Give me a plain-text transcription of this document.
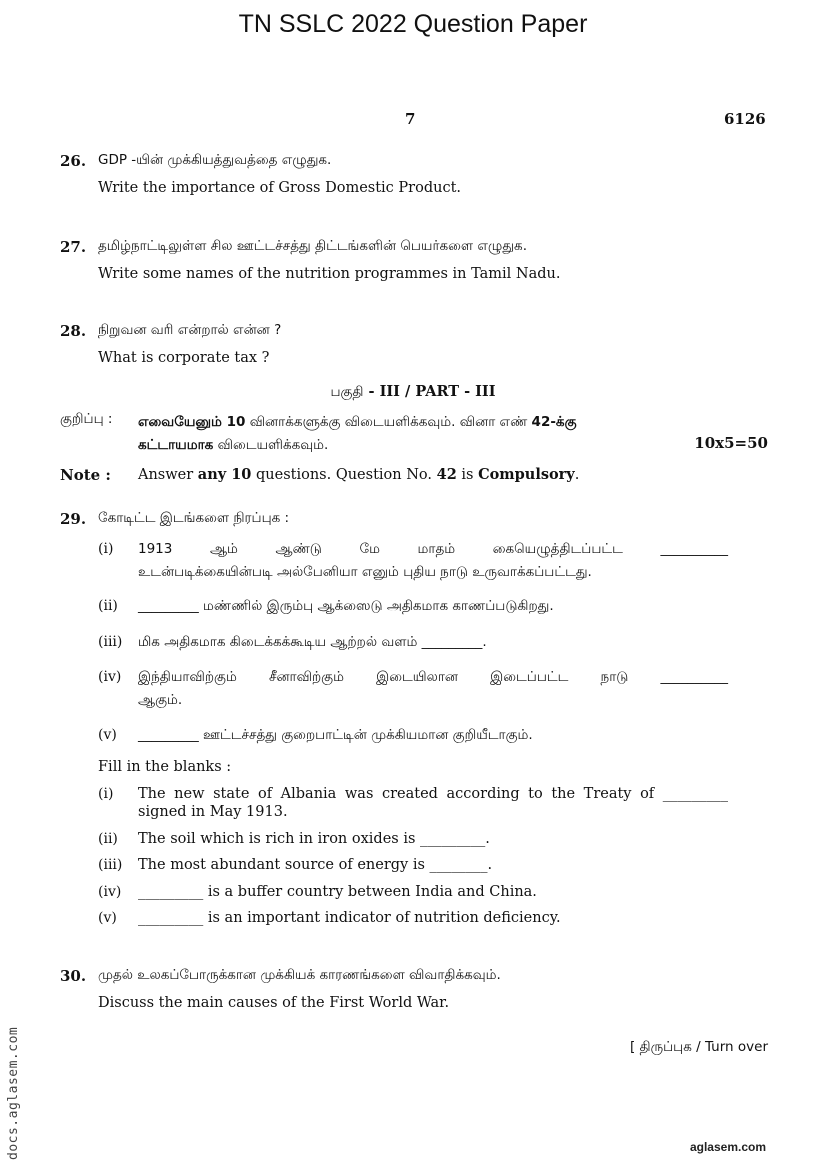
TN SSLC 2022 Question Paper
7	6126
26. GDP -யின் முக்கியத்துவத்தை எழுதுக.
Write the importance of Gross Domestic Product.
27. தமிழ்நாட்டிலுள்ள சில ஊட்டச்சத்து திட்டங்களின் பெயர்களை எழுதுக.
Write some names of the nutrition programmes in Tamil Nadu.
28. நிறுவன வரி என்றால் என்ன ?
What is corporate tax ?
பகுதி - III / PART - III
குறிப்பு : எவையேனும் 10 வினாக்களுக்கு விடையளிக்கவும். வினா எண் 42-க்கு
கட்டாயமாக விடையளிக்கவும்.	10x5=50
Note : Answer any 10 questions. Question No. 42 is Compulsory.
29. கோடிட்ட இடங்களை நிரப்புக :
(i) 1913 ஆம் ஆண்டு மே மாதம் கையெழுத்திடப்பட்ட __________
உடன்படிக்கையின்படி அல்பேனியா எனும் புதிய நாடு உருவாக்கப்பட்டது.
(ii) _________ மண்ணில் இரும்பு ஆக்ஸைடு அதிகமாக காணப்படுகிறது.
(iii) மிக அதிகமாக கிடைக்கக்கூடிய ஆற்றல் வளம் _________.
(iv) இந்தியாவிற்கும் சீனாவிற்கும் இடையிலான இடைப்பட்ட நாடு __________
ஆகும்.
(v) _________ ஊட்டச்சத்து குறைபாட்டின் முக்கியமான குறியீடாகும்.
Fill in the blanks :
(i) The new state of Albania was created according to the Treaty of _________
signed in May 1913.
(ii) The soil which is rich in iron oxides is _________.
(iii) The most abundant source of energy is ________.
(iv) _________ is a buffer country between India and China.
(v) _________ is an important indicator of nutrition deficiency.
30. முதல் உலகப்போருக்கான முக்கியக் காரணங்களை விவாதிக்கவும்.
Discuss the main causes of the First World War.
[ திருப்புக / Turn over
docs.aglasem.com	aglasem.com
